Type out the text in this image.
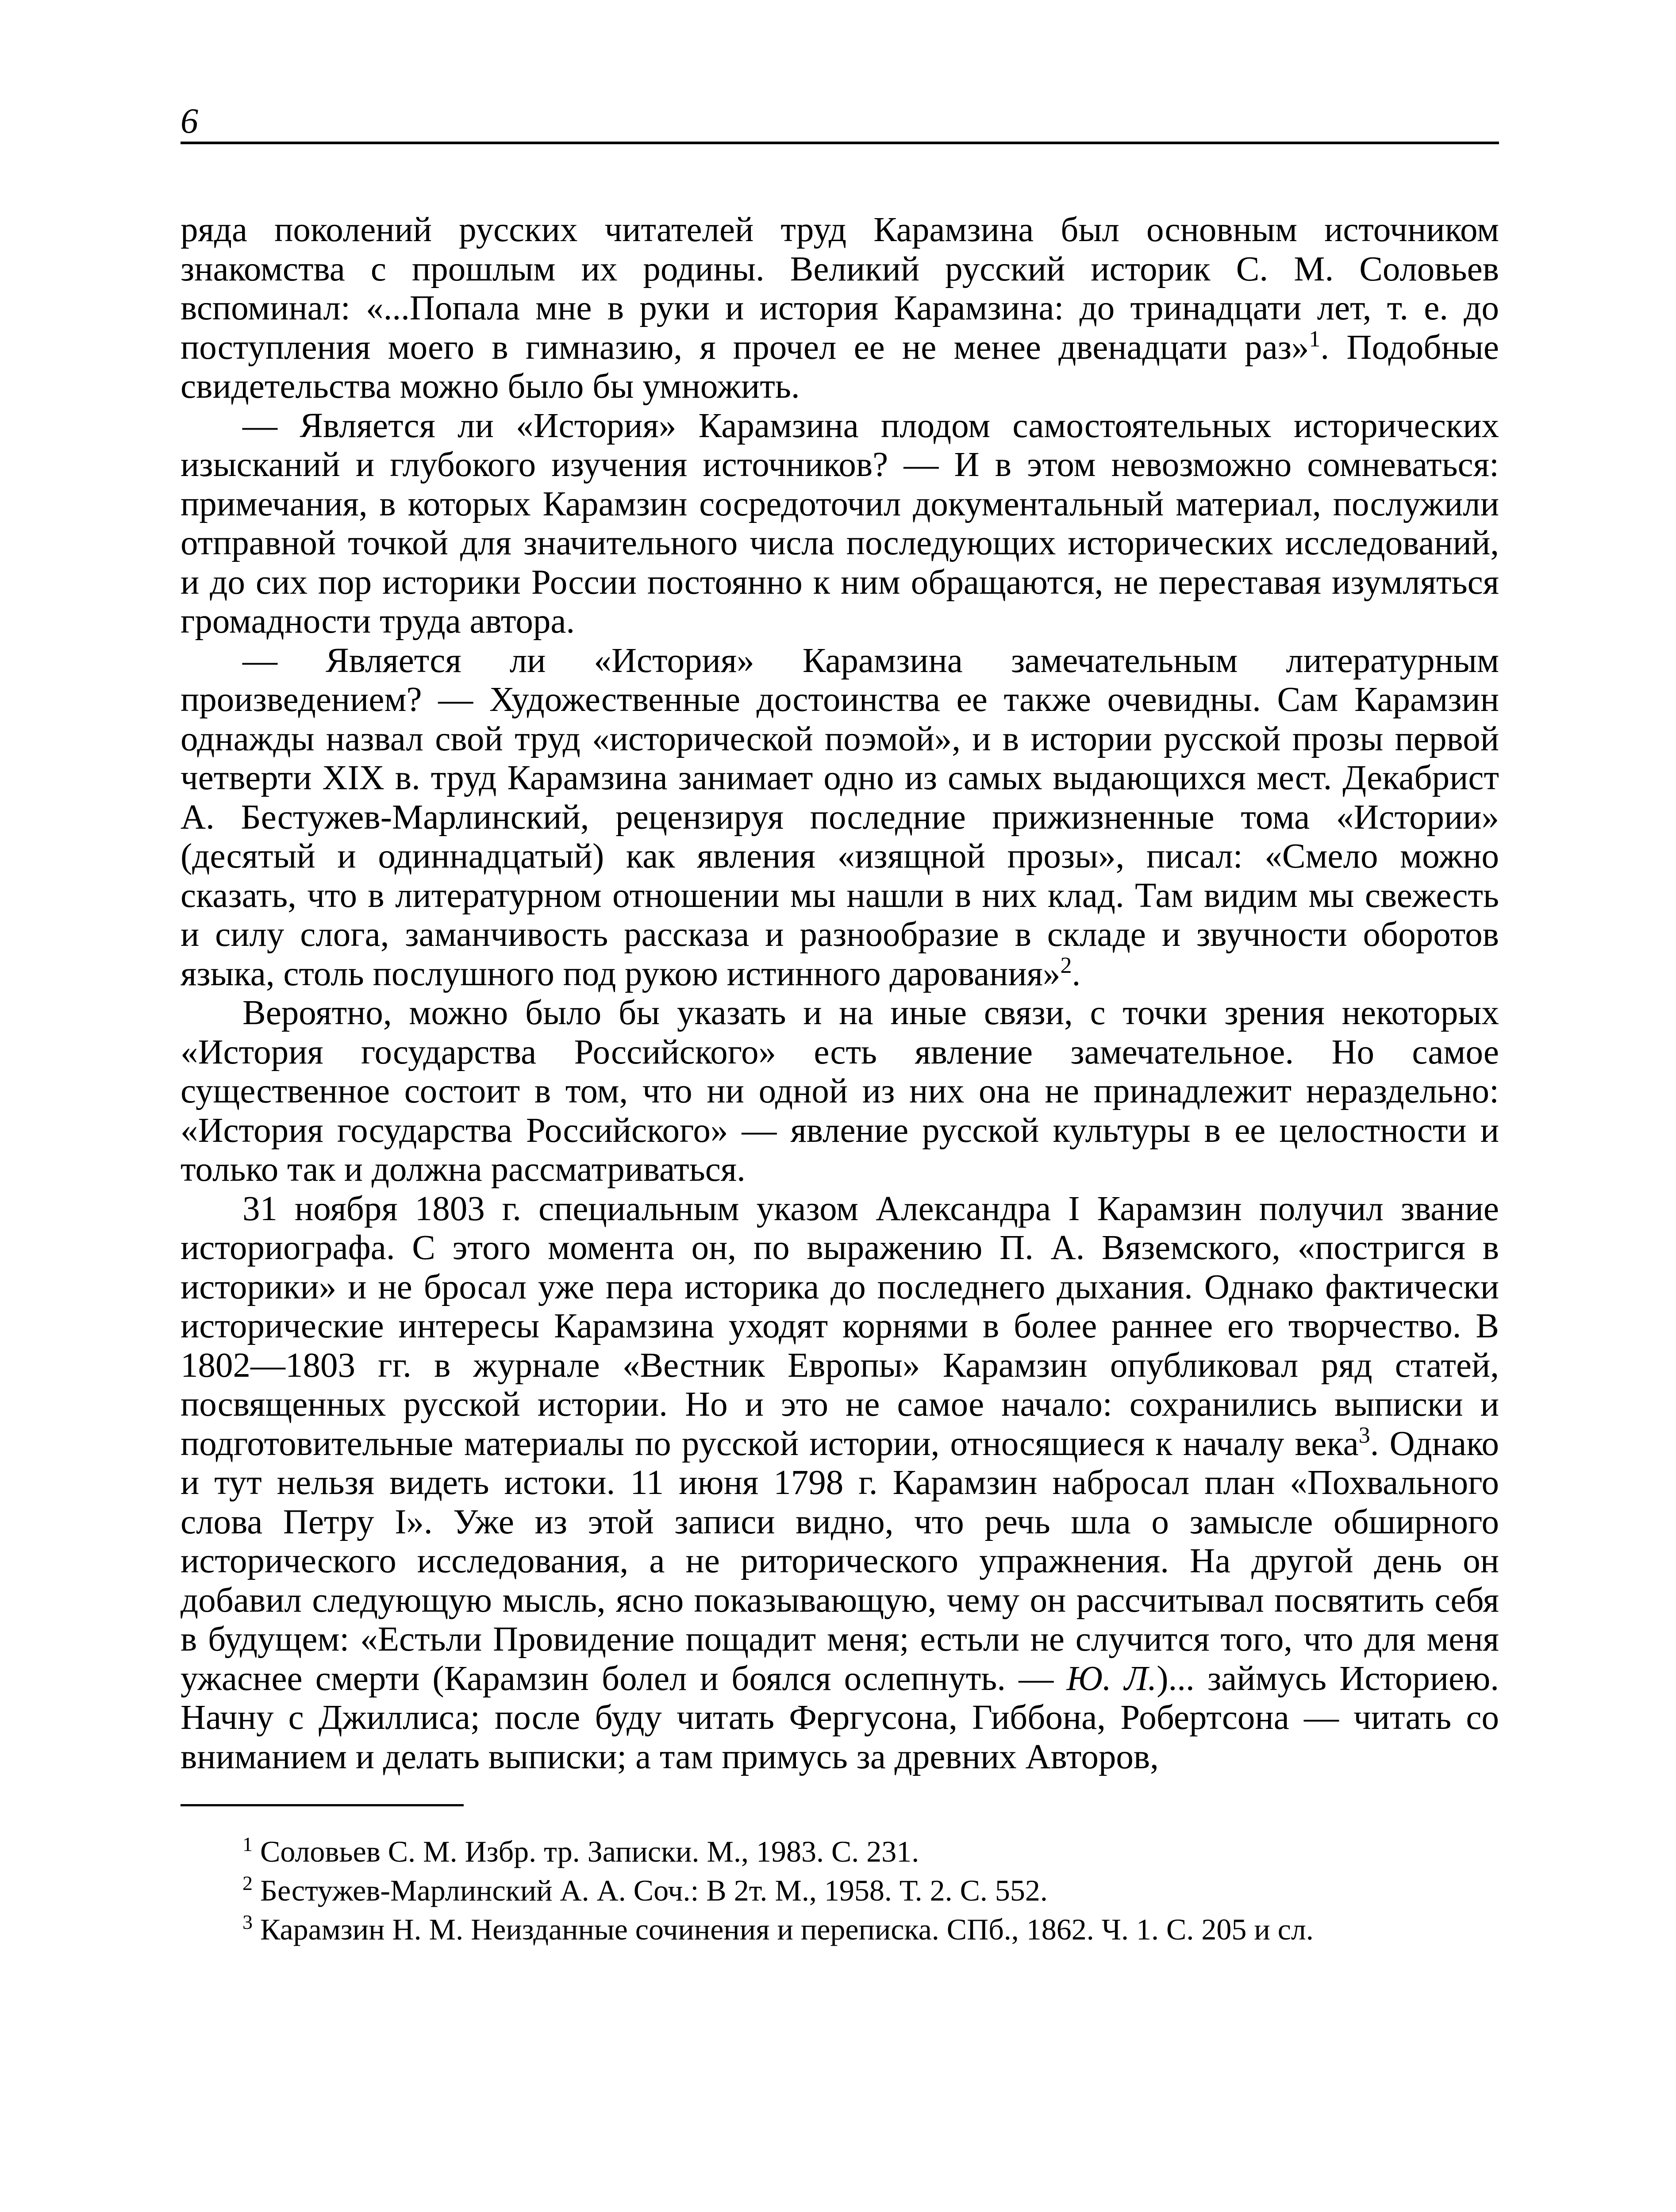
6

ряда поколений русских читателей труд Карамзина был основным источником знакомства с прошлым их родины. Великий русский историк С. М. Соловьев вспоминал: «...Попала мне в руки и история Карамзина: до тринадцати лет, т. е. до поступления моего в гимназию, я прочел ее не менее двенадцати раз»$^1$. Подобные свидетельства можно было бы умножить.

— Является ли «История» Карамзина плодом самостоятельных исторических изысканий и глубокого изучения источников? — И в этом невозможно сомневаться: примечания, в которых Карамзин сосредоточил документальный материал, послужили отправной точкой для значительного числа последующих исторических исследований, и до сих пор историки России постоянно к ним обращаются, не переставая изумляться громадности труда автора.

— Является ли «История» Карамзина замечательным литературным произведением? — Художественные достоинства ее также очевидны. Сам Карамзин однажды назвал свой труд «исторической поэмой», и в истории русской прозы первой четверти XIX в. труд Карамзина занимает одно из самых выдающихся мест. Декабрист А. Бестужев-Марлинский, рецензируя последние прижизненные тома «Истории» (десятый и одиннадцатый) как явления «изящной прозы», писал: «Смело можно сказать, что в литературном отношении мы нашли в них клад. Там видим мы свежесть и силу слога, заманчивость рассказа и разнообразие в складе и звучности оборотов языка, столь послушного под рукою истинного дарования»$^2$.

Вероятно, можно было бы указать и на иные связи, с точки зрения некоторых «История государства Российского» есть явление замечательное. Но самое существенное состоит в том, что ни одной из них она не принадлежит нераздельно: «История государства Российского» — явление русской культуры в ее целостности и только так и должна рассматриваться.

31 ноября 1803 г. специальным указом Александра I Карамзин получил звание историографа. С этого момента он, по выражению П. А. Вяземского, «постригся в историки» и не бросал уже пера историка до последнего дыхания. Однако фактически исторические интересы Карамзина уходят корнями в более раннее его творчество. В 1802—1803 гг. в журнале «Вестник Европы» Карамзин опубликовал ряд статей, посвященных русской истории. Но и это не самое начало: сохранились выписки и подготовительные материалы по русской истории, относящиеся к началу века$^3$. Однако и тут нельзя видеть истоки. 11 июня 1798 г. Карамзин набросал план «Похвального слова Петру I». Уже из этой записи видно, что речь шла о замысле обширного исторического исследования, а не риторического упражнения. На другой день он добавил следующую мысль, ясно показывающую, чему он рассчитывал посвятить себя в будущем: «Естьли Провидение пощадит меня; естьли не случится того, что для меня ужаснее смерти (Карамзин болел и боялся ослепнуть. — Ю. Л.)... займусь Историею. Начну с Джиллиса; после буду читать Фергусона, Гиббона, Робертсона — читать со вниманием и делать выписки; а там примусь за древних Авторов,

$^1$ Соловьев С. М. Избр. тр. Записки. М., 1983. С. 231.

$^2$ Бестужев-Марлинский А. А. Соч.: В 2т. М., 1958. Т. 2. С. 552.

$^3$ Карамзин Н. М. Неизданные сочинения и переписка. СПб., 1862. Ч. 1. С. 205 и сл.
